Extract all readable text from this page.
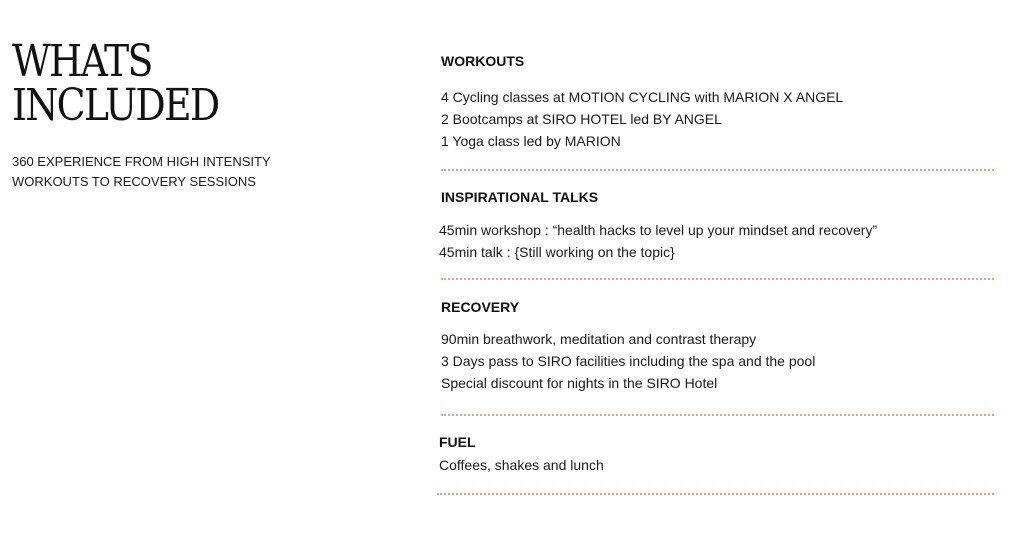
WHATS
INCLUDED

360 EXPERIENCE FROM HIGH INTENSITY WORKOUTS TO RECOVERY SESSIONS

WORKOUTS
4 Cycling classes at MOTION CYCLING with MARION X ANGEL
2 Bootcamps at SIRO HOTEL led BY ANGEL
1 Yoga class led by MARION
INSPIRATIONAL TALKS
45min workshop : “health hacks to level up your mindset and recovery”
45min talk : {Still working on the topic}
RECOVERY
90min breathwork, meditation and contrast therapy
3 Days pass to SIRO facilities including the spa and the pool
Special discount for nights in the SIRO Hotel
FUEL
Coffees, shakes and lunch
